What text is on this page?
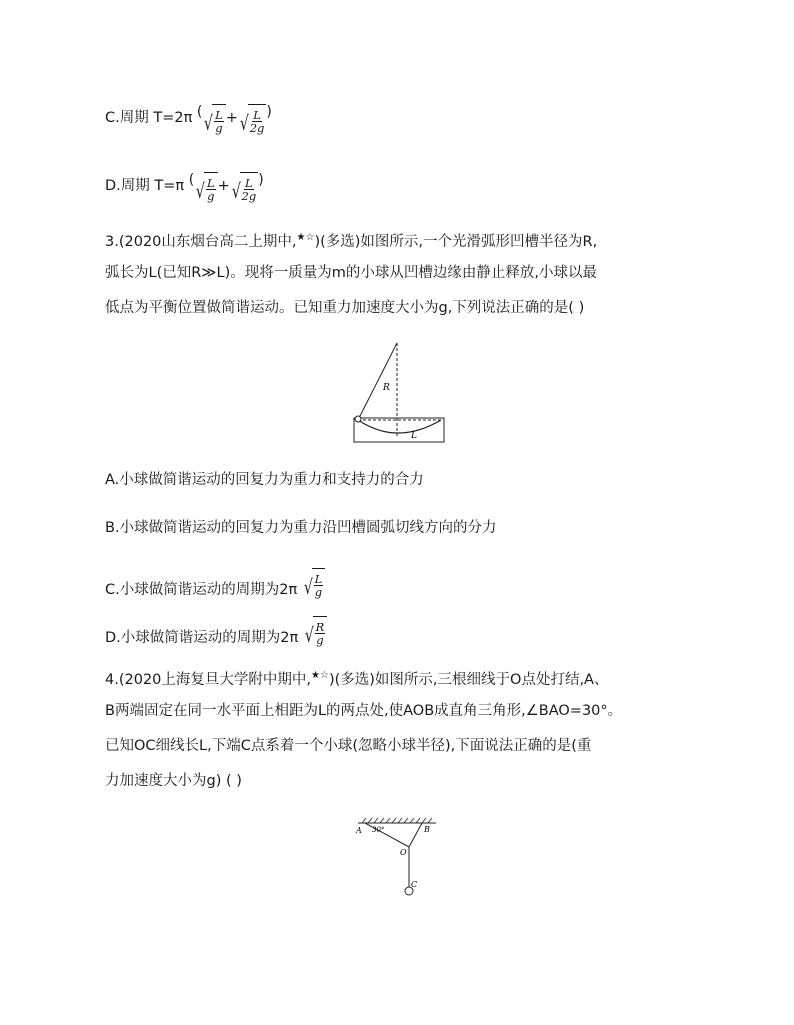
C.周期 T=2π ( √ $\frac{L}{g}$ + √ $\frac{L}{2g}$ )
D.周期 T=π ( √ $\frac{L}{g}$ + √ $\frac{L}{2g}$ )
3.(2020山东烟台高二上期中,★☆)(多选)如图所示,一个光滑弧形凹槽半径为R,
弧长为L(已知R≫L)。现将一质量为m的小球从凹槽边缘由静止释放,小球以最
低点为平衡位置做简谐运动。已知重力加速度大小为g,下列说法正确的是( )
R
L
A.小球做简谐运动的回复力为重力和支持力的合力
B.小球做简谐运动的回复力为重力沿凹槽圆弧切线方向的分力
C.小球做简谐运动的周期为2π √ $\frac{L}{g}$
D.小球做简谐运动的周期为2π √ $\frac{R}{g}$
4.(2020上海复旦大学附中期中,★☆)(多选)如图所示,三根细线于O点处打结,A、
B两端固定在同一水平面上相距为L的两点处,使AOB成直角三角形,∠BAO=30°。
已知OC细线长L,下端C点系着一个小球(忽略小球半径),下面说法正确的是(重
力加速度大小为g) ( )
A 30°	B
O
C
